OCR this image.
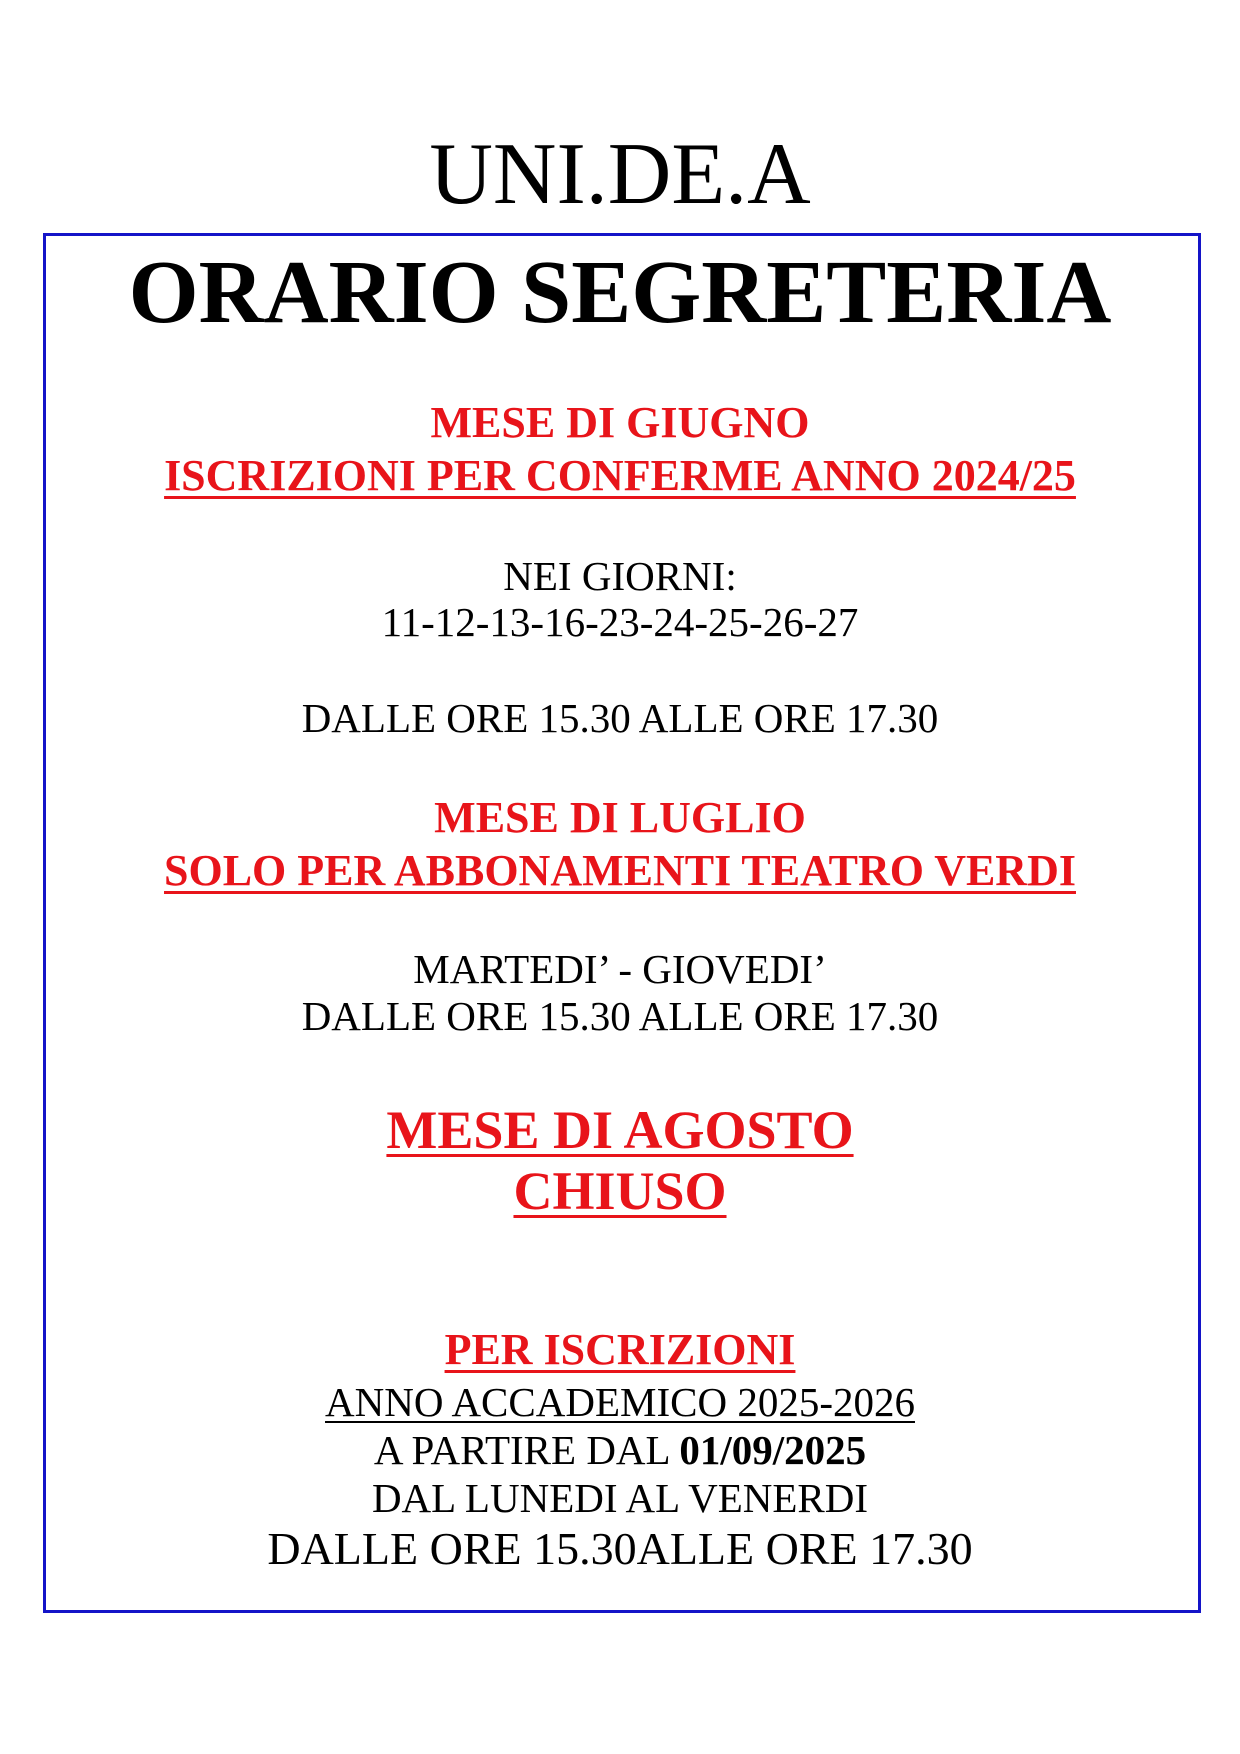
UNI.DE.A
ORARIO SEGRETERIA
MESE DI GIUGNO
ISCRIZIONI PER CONFERME ANNO 2024/25
NEI GIORNI:
11-12-13-16-23-24-25-26-27
DALLE ORE 15.30 ALLE ORE 17.30
MESE DI LUGLIO
SOLO PER ABBONAMENTI TEATRO VERDI
MARTEDI’ - GIOVEDI’
DALLE ORE 15.30 ALLE ORE 17.30
MESE DI AGOSTO
CHIUSO
PER ISCRIZIONI
ANNO ACCADEMICO 2025-2026
A PARTIRE DAL 01/09/2025
DAL LUNEDI AL VENERDI
DALLE ORE 15.30ALLE ORE 17.30
